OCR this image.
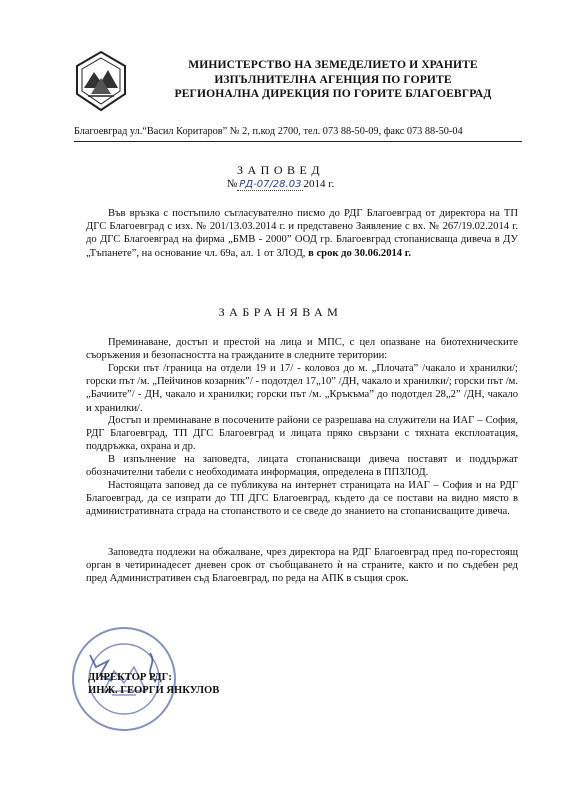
МИНИСТЕРСТВО НА ЗЕМЕДЕЛИЕТО И ХРАНИТЕ
ИЗПЪЛНИТЕЛНА АГЕНЦИЯ ПО ГОРИТЕ
РЕГИОНАЛНА ДИРЕКЦИЯ ПО ГОРИТЕ БЛАГОЕВГРАД
Благоевград ул.“Васил Коритаров” № 2, п.код 2700, тел. 073 88-50-09, факс 073 88-50-04
ЗАПОВЕД
№ РД-07/28.03 2014 г.
Във връзка с постъпило съгласувателно писмо до РДГ Благоевград от директора на ТП ДГС Благоевград с изх. № 201/13.03.2014 г. и представено Заявление с вх. № 267/19.02.2014 г. до ДГС Благоевград на фирма „БМВ - 2000” ООД гр. Благоевград стопанисваща дивеча в ДУ „Тъпанете”, на основание чл. 69а, ал. 1 от ЗЛОД, в срок до 30.06.2014 г.
ЗАБРАНЯВАМ
Преминаване, достъп и престой на лица и МПС, с цел опазване на биотехническите съоръжения и безопасността на гражданите в следните територии:
Горски път /граница на отдели 19 и 17/ - коловоз до м. „Плочата” /чакало и хранилки/; горски път /м. „Пейчинов козарник”/ - подотдел 17„10” /ДН, чакало и хранилки/; горски път /м. „Бачиите”/ - ДН, чакало и хранилки; горски път /м. „Кръкъма” до подотдел 28„2” /ДН, чакало и хранилки/.
Достъп и преминаване в посочените райони се разрешава на служители на ИАГ – София, РДГ Благоевград, ТП ДГС Благоевград и лицата пряко свързани с тяхната експлоатация, поддръжка, охрана и др.
В изпълнение на заповедта, лицата стопанисващи дивеча поставят и поддържат обозначителни табели с необходимата информация, определена в ППЗЛОД.
Настоящата заповед да се публикува на интернет страницата на ИАГ – София и на РДГ Благоевград, да се изпрати до ТП ДГС Благоевград, където да се постави на видно място в административната сграда на стопанството и се сведе до знанието на стопанисващите дивеча.
Заповедта подлежи на обжалване, чрез директора на РДГ Благоевград пред по-горестоящ орган в четиринадесет дневен срок от съобщаването ѝ на страните, както и по съдебен ред пред Административен съд Благоевград, по реда на АПК в същия срок.
ДИРЕКТОР РДГ:
ИНЖ. ГЕОРГИ ЯНКУЛОВ
